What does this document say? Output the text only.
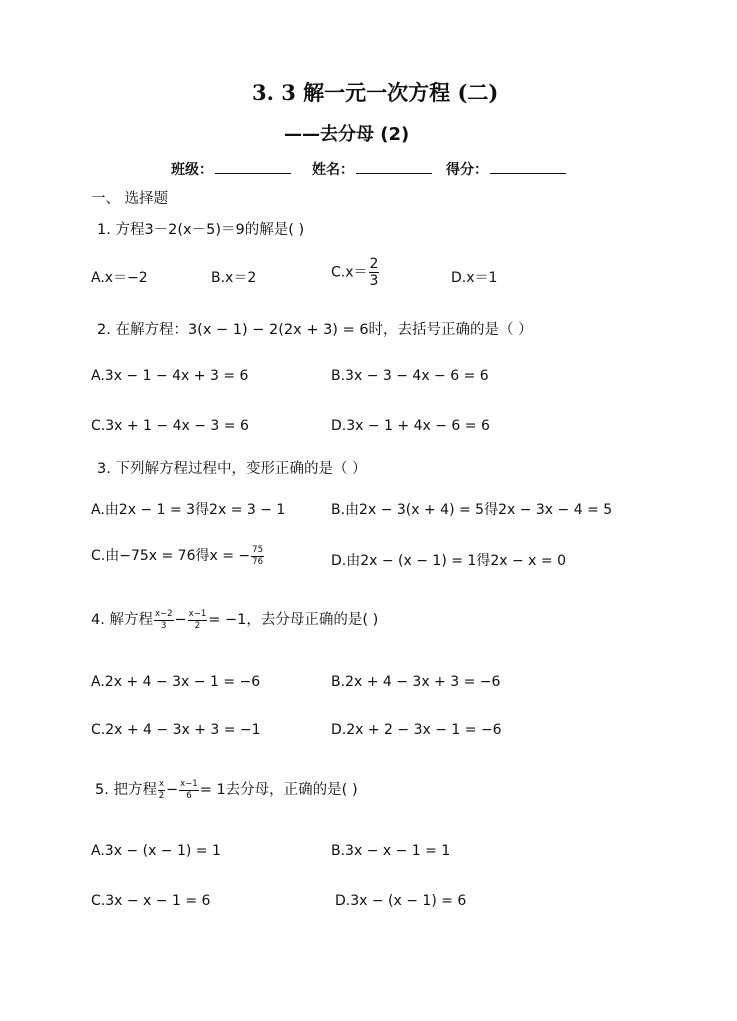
3. 3 解一元一次方程 (二)
——去分母 (2)
班级：	姓名：	得分：
一、 选择题
1. 方程3－2(x－5)＝9的解是( )
A.x＝−2	B.x＝2	$C.x= \frac{2}{3}$	D.x＝1
2. 在解方程：3(x − 1) − 2(2x + 3) = 6时，去括号正确的是（ ）
A.3x − 1 − 4x + 3 = 6	B.3x − 3 − 4x − 6 = 6
C.3x + 1 − 4x − 3 = 6	D.3x − 1 + 4x − 6 = 6
3. 下列解方程过程中，变形正确的是（ ）
A.由2x − 1 = 3得2x = 3 − 1	B.由2x − 3(x + 4) = 5得2x − 3x − 4 = 5
C.由−75x = 76得x = − $\frac{75}{76}$	D.由2x − (x − 1) = 1得2x − x = 0
4. 解方程 $\frac{x-2}{3} - \frac{x-1}{2} = -1$，去分母正确的是( )
A.2x + 4 − 3x − 1 = −6	B.2x + 4 − 3x + 3 = −6
C.2x + 4 − 3x + 3 = −1	D.2x + 2 − 3x − 1 = −6
5. 把方程 $\frac{x}{2} - \frac{x-1}{6} = 1$去分母，正确的是( )
A.3x − (x − 1) = 1	B.3x − x − 1 = 1
C.3x − x − 1 = 6	D.3x − (x − 1) = 6
